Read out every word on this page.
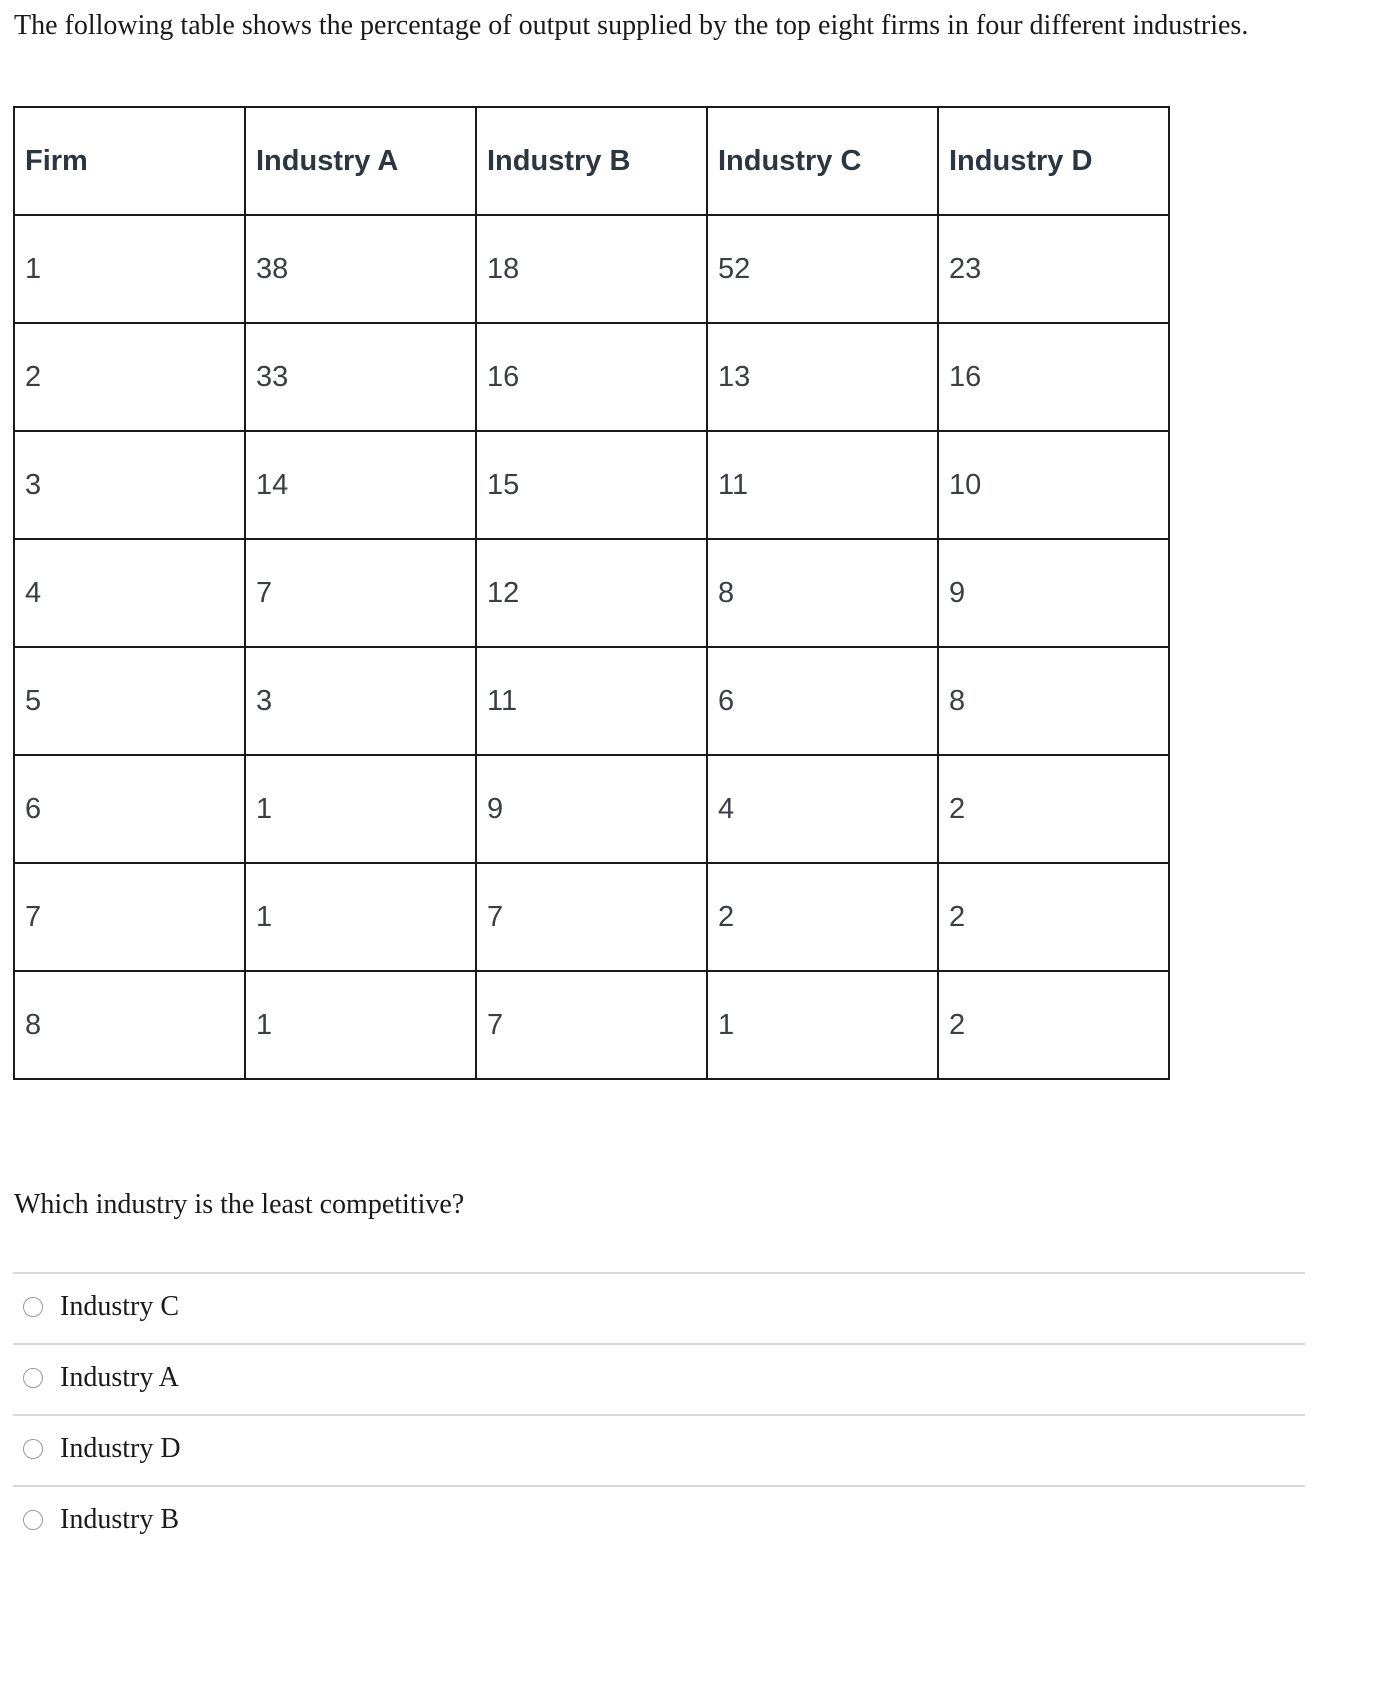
The following table shows the percentage of output supplied by the top eight firms in four different industries.

Firm	Industry A	Industry B	Industry C	Industry D
1	38	18	52	23
2	33	16	13	16
3	14	15	11	10
4	7	12	8	9
5	3	11	6	8
6	1	9	4	2
7	1	7	2	2
8	1	7	1	2

Which industry is the least competitive?

Industry C
Industry A
Industry D
Industry B
